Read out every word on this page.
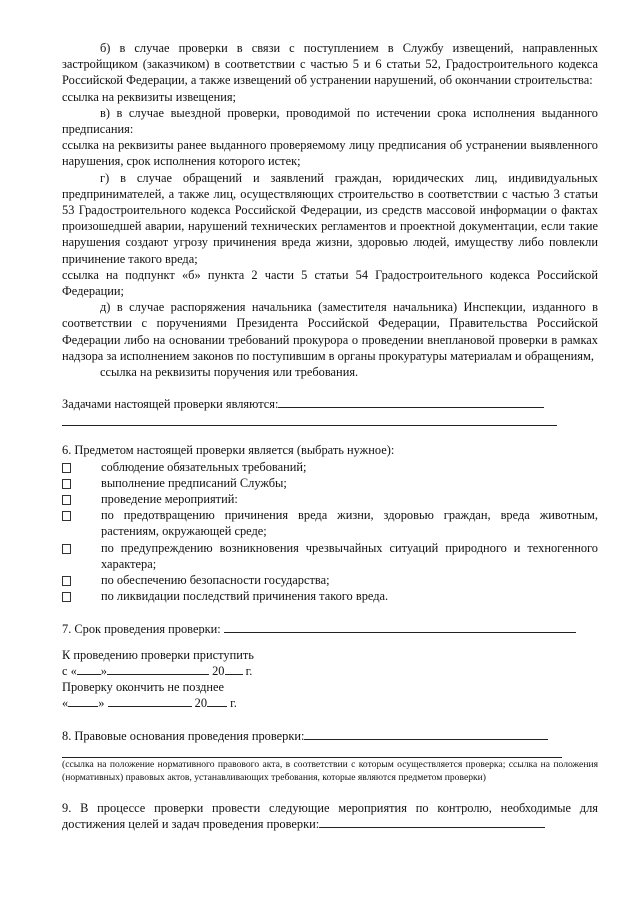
б) в случае проверки в связи с поступлением в Службу извещений, направленных застройщиком (заказчиком) в соответствии с частью 5 и 6 статьи 52, Градостроительного кодекса Российской Федерации, а также извещений об устранении нарушений, об окончании строительства:

ссылка на реквизиты извещения;

в) в случае выездной проверки, проводимой по истечении срока исполнения выданного предписания:

ссылка на реквизиты ранее выданного проверяемому лицу предписания об устранении выявленного нарушения, срок исполнения которого истек;

г) в случае обращений и заявлений граждан, юридических лиц, индивидуальных предпринимателей, а также лиц, осуществляющих строительство в соответствии с частью 3 статьи 53 Градостроительного кодекса Российской Федерации, из средств массовой информации о фактах произошедшей аварии, нарушений технических регламентов и проектной документации, если такие нарушения создают угрозу причинения вреда жизни, здоровью людей, имуществу либо повлекли причинение такого вреда;

ссылка на подпункт «б» пункта 2 части 5 статьи 54 Градостроительного кодекса Российской Федерации;

д) в случае распоряжения начальника (заместителя начальника) Инспекции, изданного в соответствии с поручениями Президента Российской Федерации, Правительства Российской Федерации либо на основании требований прокурора о проведении внеплановой проверки в рамках надзора за исполнением законов по поступившим в органы прокуратуры материалам и обращениям,

ссылка на реквизиты поручения или требования.

Задачами настоящей проверки являются:

6. Предметом настоящей проверки является (выбрать нужное):

соблюдение обязательных требований;
выполнение предписаний Службы;
проведение мероприятий:
по предотвращению причинения вреда жизни, здоровью граждан, вреда животным, растениям, окружающей среде;
по предупреждению возникновения чрезвычайных ситуаций природного и техногенного характера;
по обеспечению безопасности государства;
по ликвидации последствий причинения такого вреда.

7. Срок проведения проверки:

К проведению проверки приступить

с « »	20 г.

Проверку окончить не позднее

« »	20 г.

8. Правовые основания проведения проверки:

(ссылка на положение нормативного правового акта, в соответствии с которым осуществляется проверка; ссылка на положения (нормативных) правовых актов, устанавливающих требования, которые являются предметом проверки)

9. В процессе проверки провести следующие мероприятия по контролю, необходимые для достижения целей и задач проведения проверки:
